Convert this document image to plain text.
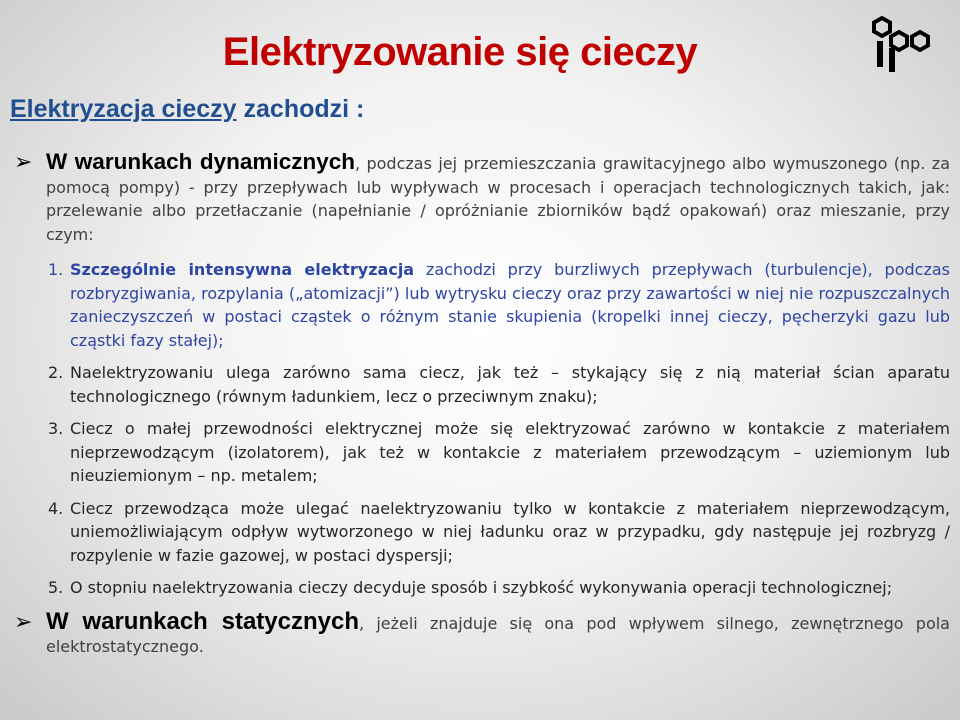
Elektryzowanie się cieczy
Elektryzacja cieczy zachodzi :
➢ W warunkach dynamicznych, podczas jej przemieszczania grawitacyjnego albo wymuszonego (np. za pomocą pompy) - przy przepływach lub wypływach w procesach i operacjach technologicznych takich, jak: przelewanie albo przetłaczanie (napełnianie / opróżnianie zbiorników bądź opakowań) oraz mieszanie, przy czym:
1. Szczególnie intensywna elektryzacja zachodzi przy burzliwych przepływach (turbulencje), podczas rozbryzgiwania, rozpylania („atomizacji”) lub wytrysku cieczy oraz przy zawartości w niej nie rozpuszczalnych zanieczyszczeń w postaci cząstek o różnym stanie skupienia (kropelki innej cieczy, pęcherzyki gazu lub cząstki fazy stałej);
2. Naelektryzowaniu ulega zarówno sama ciecz, jak też – stykający się z nią materiał ścian aparatu technologicznego (równym ładunkiem, lecz o przeciwnym znaku);
3. Ciecz o małej przewodności elektrycznej może się elektryzować zarówno w kontakcie z materiałem nieprzewodzącym (izolatorem), jak też w kontakcie z materiałem przewodzącym – uziemionym lub nieuziemionym – np. metalem;
4. Ciecz przewodząca może ulegać naelektryzowaniu tylko w kontakcie z materiałem nieprzewodzącym, uniemożliwiającym odpływ wytworzonego w niej ładunku oraz w przypadku, gdy następuje jej rozbryzg / rozpylenie w fazie gazowej, w postaci dyspersji;
5. O stopniu naelektryzowania cieczy decyduje sposób i szybkość wykonywania operacji technologicznej;
➢ W warunkach statycznych, jeżeli znajduje się ona pod wpływem silnego, zewnętrznego pola elektrostatycznego.
